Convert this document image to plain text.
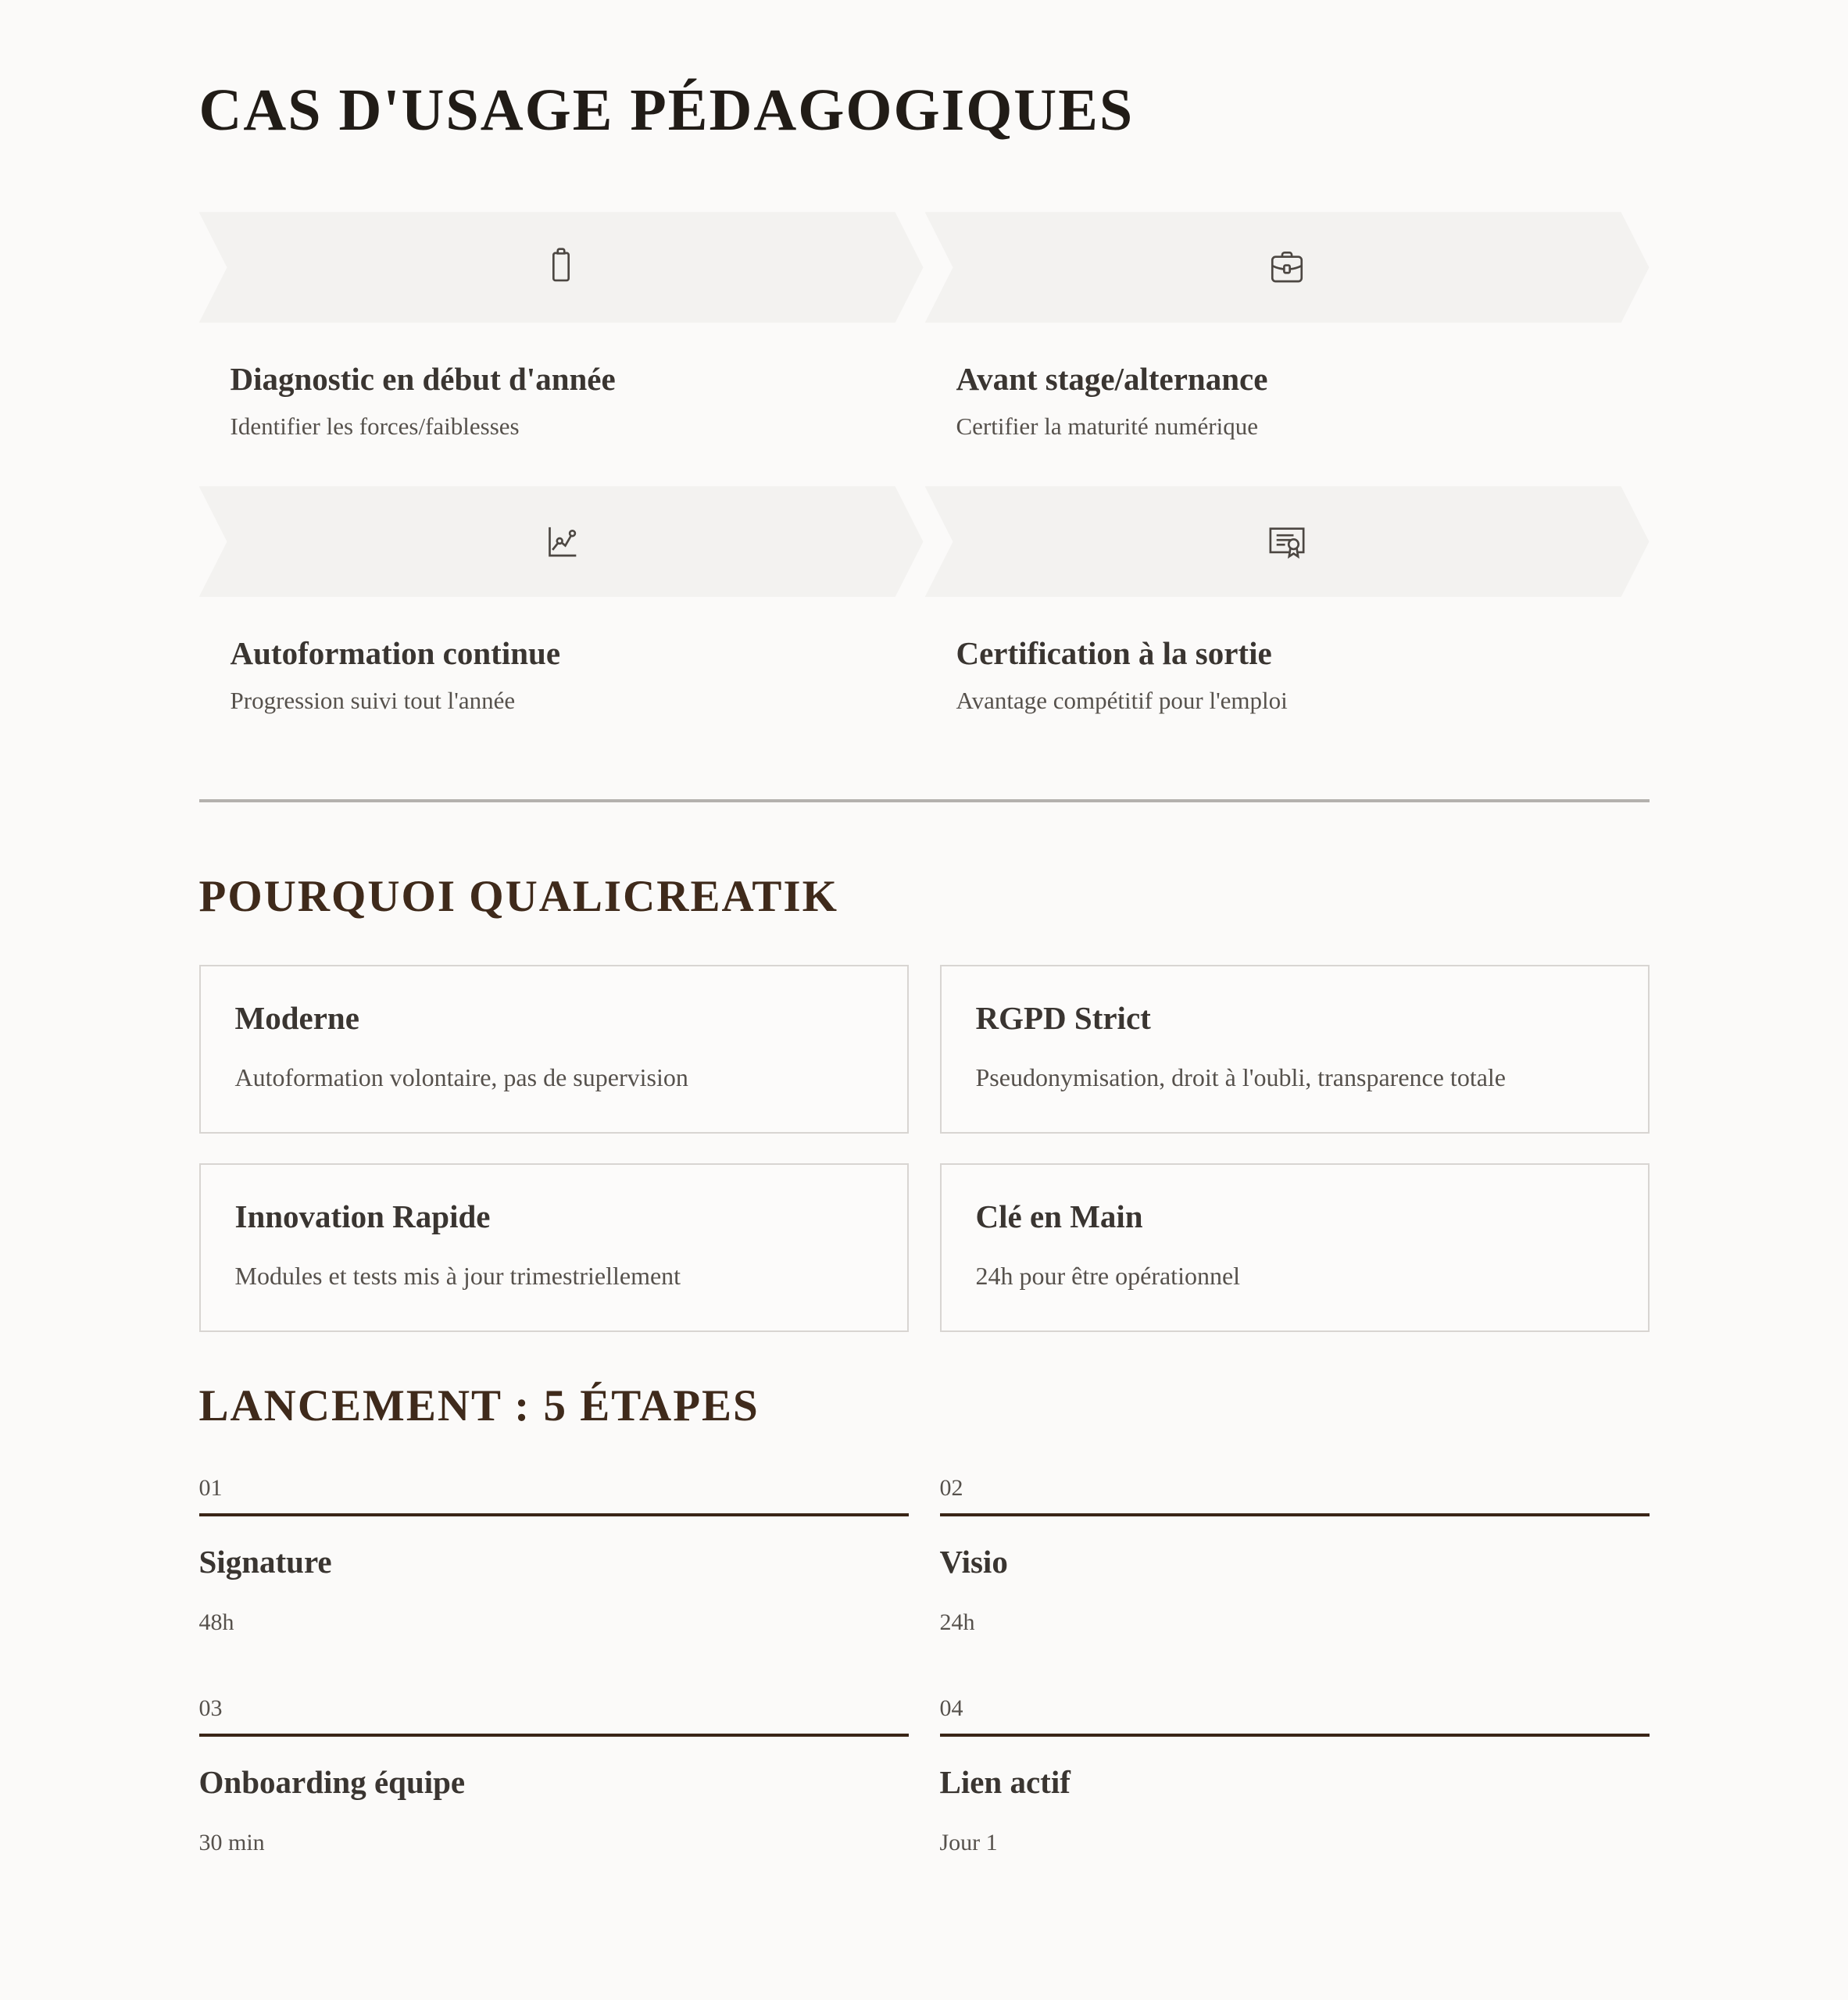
CAS D'USAGE PÉDAGOGIQUES
Diagnostic en début d'année
Identifier les forces/faiblesses
Avant stage/alternance
Certifier la maturité numérique
Autoformation continue
Progression suivi tout l'année
Certification à la sortie
Avantage compétitif pour l'emploi
POURQUOI QUALICREATIK
Moderne

Autoformation volontaire, pas de supervision

RGPD Strict

Pseudonymisation, droit à l'oubli, transparence totale

Innovation Rapide

Modules et tests mis à jour trimestriellement

Clé en Main

24h pour être opérationnel

LANCEMENT : 5 ÉTAPES
01
Signature
48h
02
Visio
24h
03
Onboarding équipe
30 min
04
Lien actif
Jour 1
